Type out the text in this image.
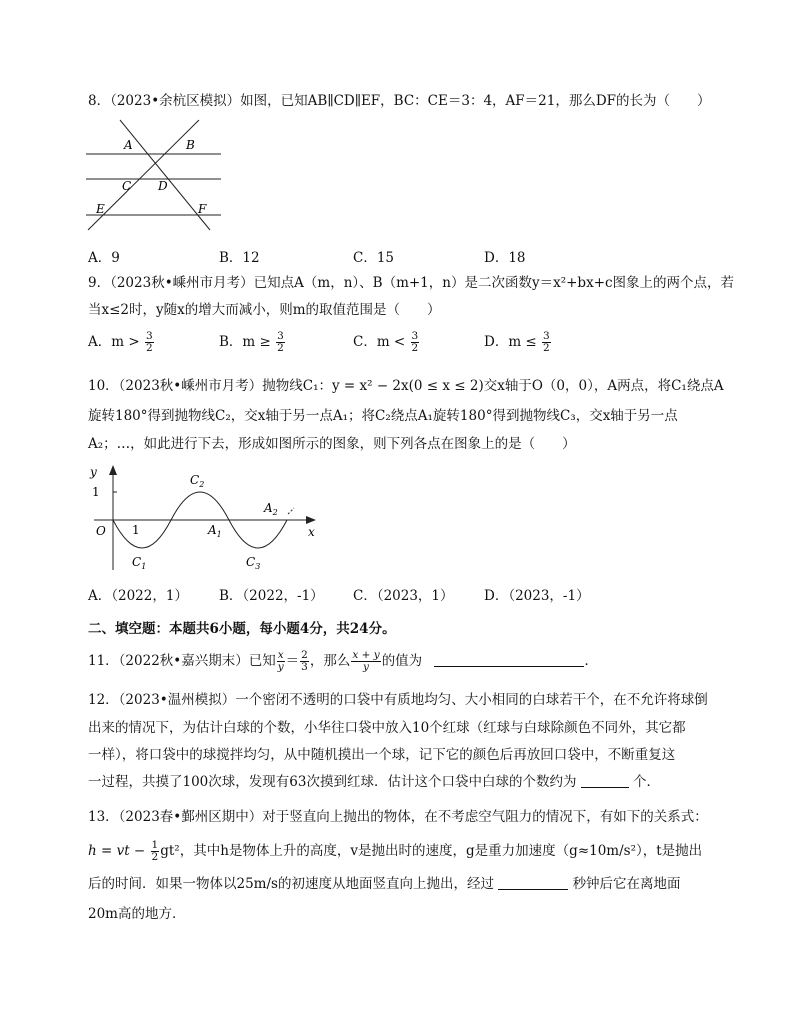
8．（2023•余杭区模拟）如图，已知AB∥CD∥EF，BC：CE＝3：4，AF＝21，那么DF的长为（　　）
A	B
C D
E	F
A．9	B．12	C．15	D．18
9．（2023秋•嵊州市月考）已知点A（m，n）、B（m+1，n）是二次函数y＝x²+bx+c图象上的两个点，若
当x≤2时，y随x的增大而减小，则m的取值范围是（　　）
A．$m > \frac{3}{2}$	B．$m \ge \frac{3}{2}$	C．$m < \frac{3}{2}$	D．$m \le \frac{3}{2}$
10．（2023秋•嵊州市月考）抛物线C₁：y = x² − 2x(0 ≤ x ≤ 2)交x轴于O（0，0），A两点，将C₁绕点A
旋转180°得到抛物线C₂，交x轴于另一点A₁；将C₂绕点A₁旋转180°得到抛物线C₃，交x轴于另一点
A₂；…，如此进行下去，形成如图所示的图象，则下列各点在图象上的是（　　）
y
1
O 1	x
$C_1$
$C_2$
$C_3$
$A_1$
$A_2$
A．（2022，1） B．（2022，-1） C．（2023，1） D．（2023，-1）
二、填空题：本题共6小题，每小题4分，共24分。
11．（2022秋•嘉兴期末）已知 $\frac{x}{y} = \frac{2}{3}$ ，那么 $\frac{x + y}{y}$ 的值为	．
12．（2023•温州模拟）一个密闭不透明的口袋中有质地均匀、大小相同的白球若干个，在不允许将球倒
出来的情况下，为估计白球的个数，小华往口袋中放入10个红球（红球与白球除颜色不同外，其它都
一样），将口袋中的球搅拌均匀，从中随机摸出一个球，记下它的颜色后再放回口袋中，不断重复这
一过程，共摸了100次球，发现有63次摸到红球．估计这个口袋中白球的个数约为	个．
13．（2023春•鄞州区期中）对于竖直向上抛出的物体，在不考虑空气阻力的情况下，有如下的关系式：
h = vt − $\frac{1}{2} gt^2$，其中h是物体上升的高度，v是抛出时的速度，g是重力加速度（g≈10m/s²），t是抛出
后的时间．如果一物体以25m/s的初速度从地面竖直向上抛出，经过	秒钟后它在离地面
20m高的地方．
